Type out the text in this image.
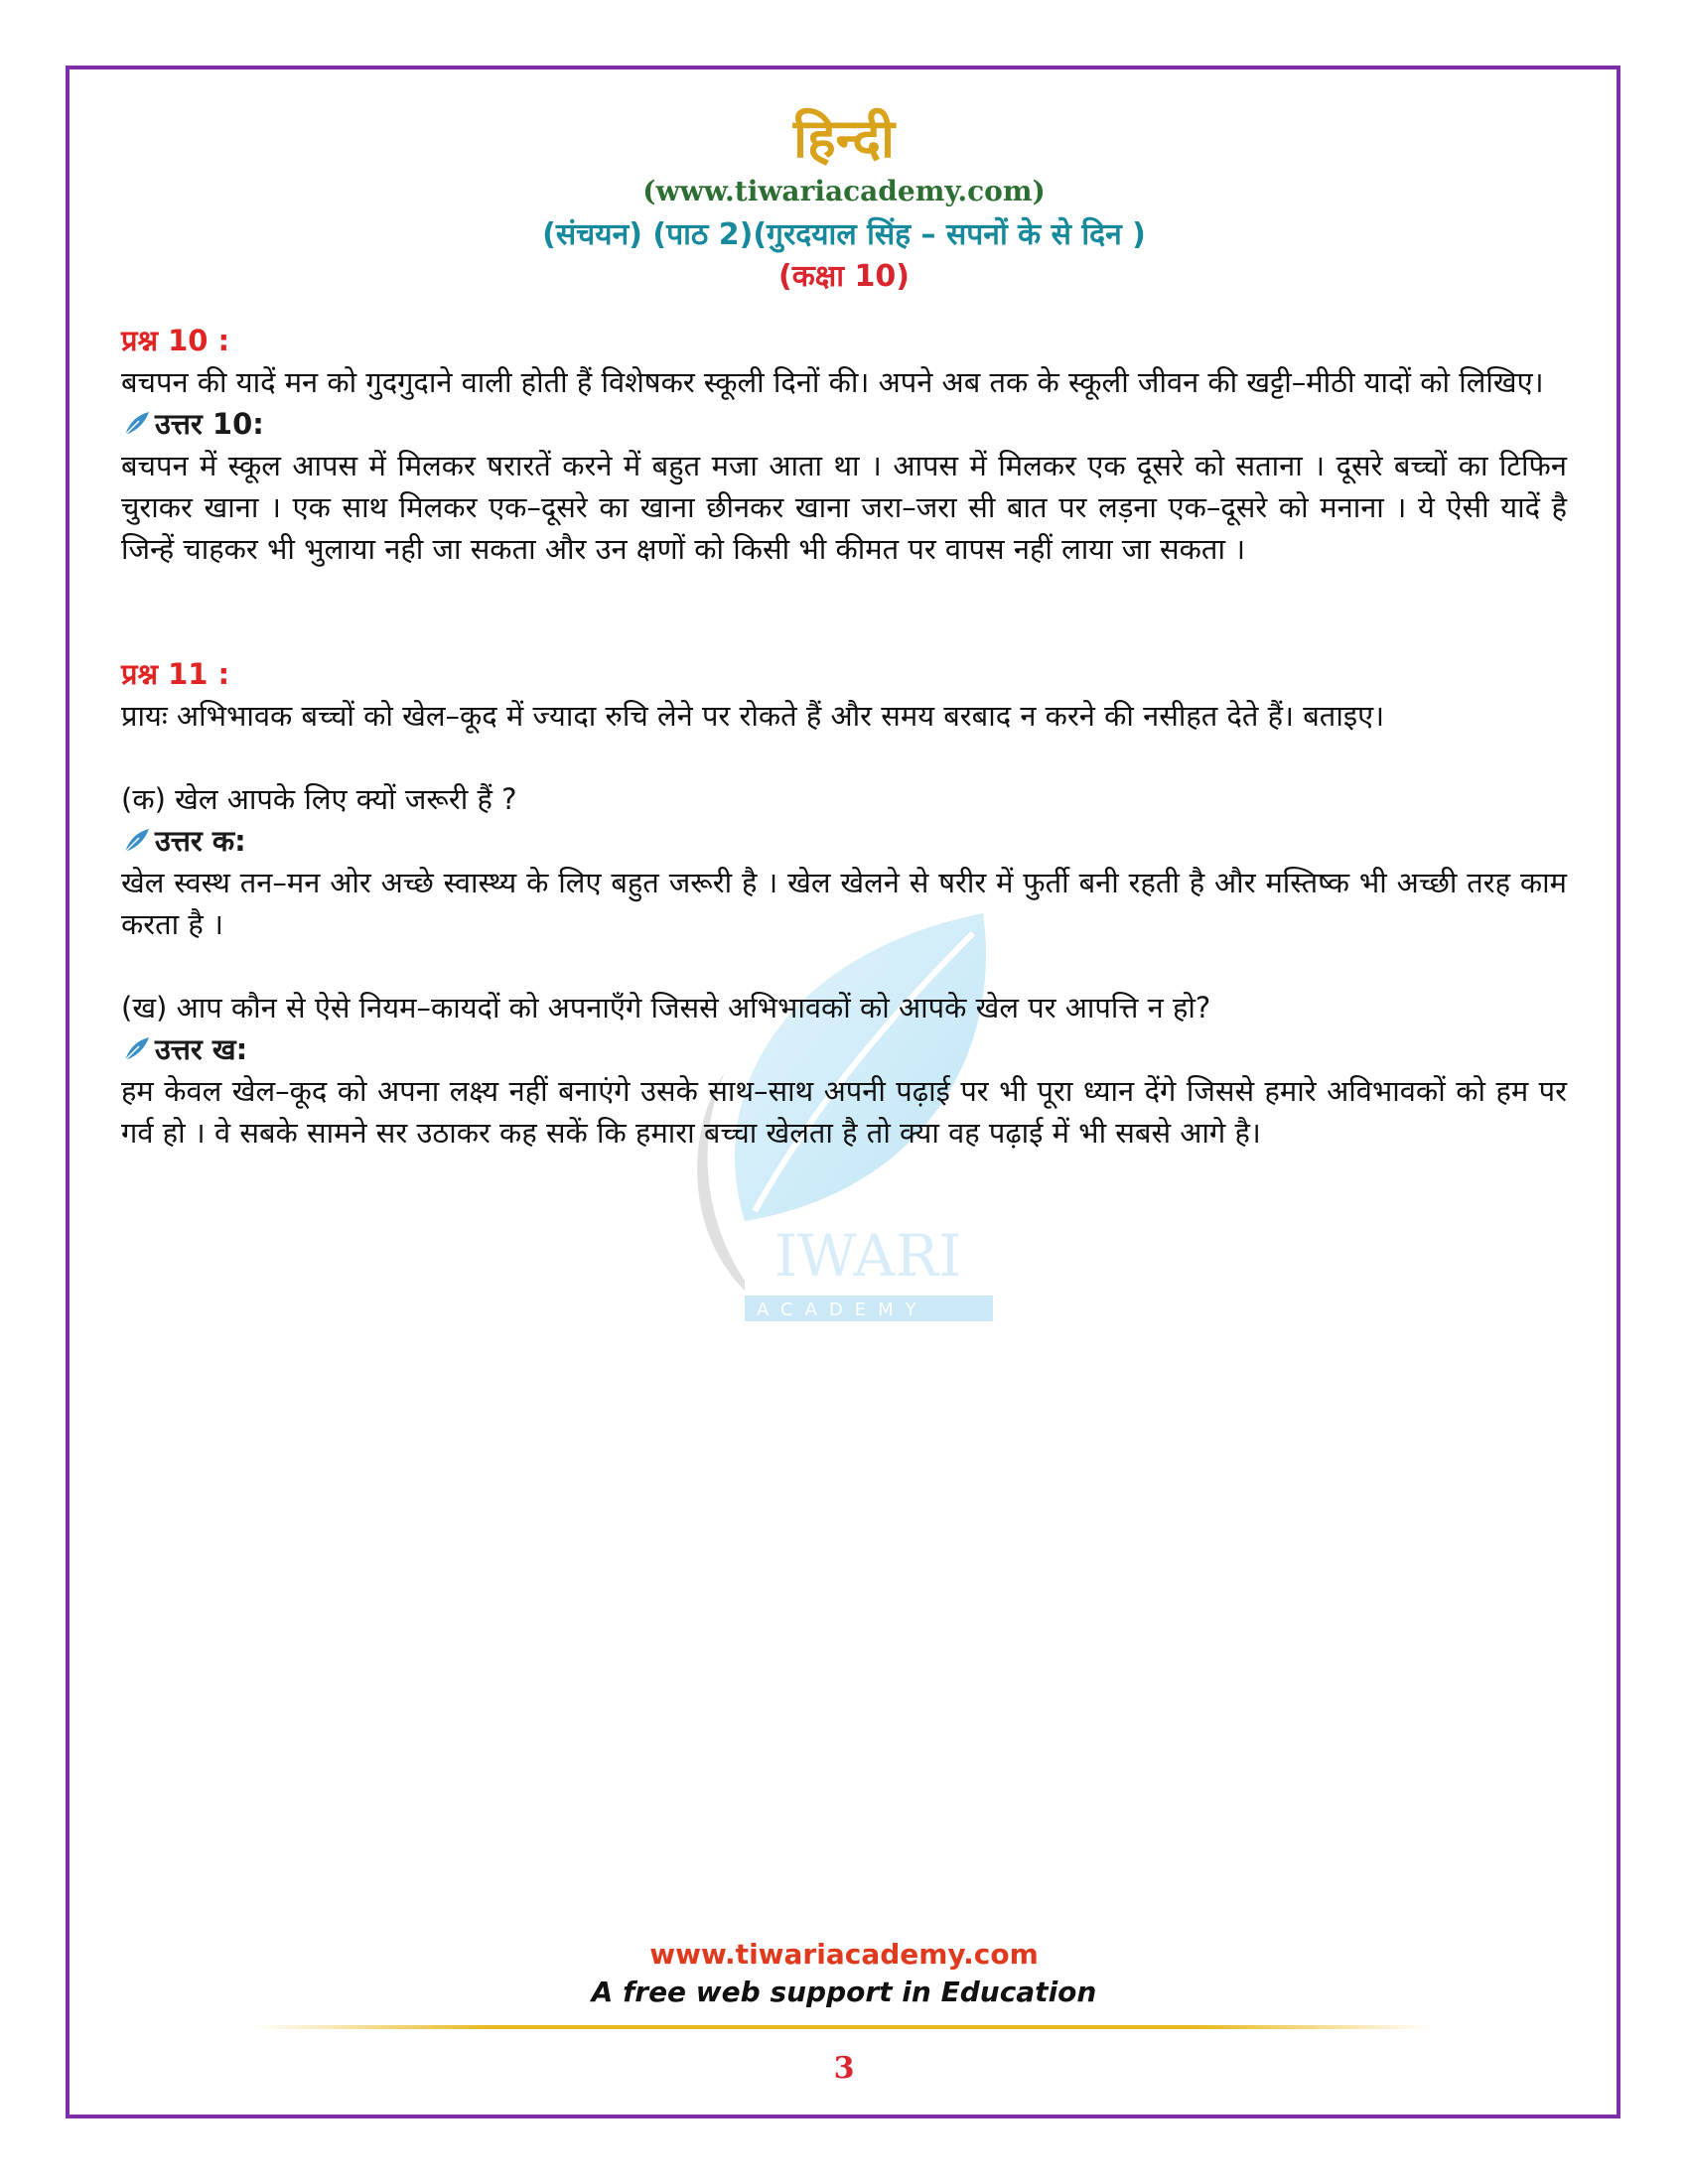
हिन्दी
(www.tiwariacademy.com)
(संचयन) (पाठ 2)(गुरदयाल सिंह – सपनों के से दिन )
(कक्षा 10)
IWARI
ACADEMY

प्रश्न 10 :

बचपन की यादें मन को गुदगुदाने वाली होती हैं विशेषकर स्कूली दिनों की। अपने अब तक के स्कूली जीवन की खट्टी–मीठी यादों को लिखिए।

उत्तर 10:

बचपन में स्कूल आपस में मिलकर षरारतें करने में बहुत मजा आता था । आपस में मिलकर एक दूसरे को सताना । दूसरे बच्चों का टिफिन चुराकर खाना । एक साथ मिलकर एक–दूसरे का खाना छीनकर खाना जरा–जरा सी बात पर लड़ना एक–दूसरे को मनाना । ये ऐसी यादें है जिन्हें चाहकर भी भुलाया नही जा सकता और उन क्षणों को किसी भी कीमत पर वापस नहीं लाया जा सकता ।

प्रश्न 11 :

प्रायः अभिभावक बच्चों को खेल–कूद में ज्यादा रुचि लेने पर रोकते हैं और समय बरबाद न करने की नसीहत देते हैं। बताइए।

(क) खेल आपके लिए क्यों जरूरी हैं ?

उत्तर क:

खेल स्वस्थ तन–मन ओर अच्छे स्वास्थ्य के लिए बहुत जरूरी है । खेल खेलने से षरीर में फुर्ती बनी रहती है और मस्तिष्क भी अच्छी तरह काम करता है ।

(ख) आप कौन से ऐसे नियम–कायदों को अपनाएँगे जिससे अभिभावकों को आपके खेल पर आपत्ति न हो?

उत्तर ख:

हम केवल खेल–कूद को अपना लक्ष्य नहीं बनाएंगे उसके साथ–साथ अपनी पढ़ाई पर भी पूरा ध्यान देंगे जिससे हमारे अविभावकों को हम पर गर्व हो । वे सबके सामने सर उठाकर कह सकें कि हमारा बच्चा खेलता है तो क्या वह पढ़ाई में भी सबसे आगे है।

www.tiwariacademy.com
A free web support in Education
3
